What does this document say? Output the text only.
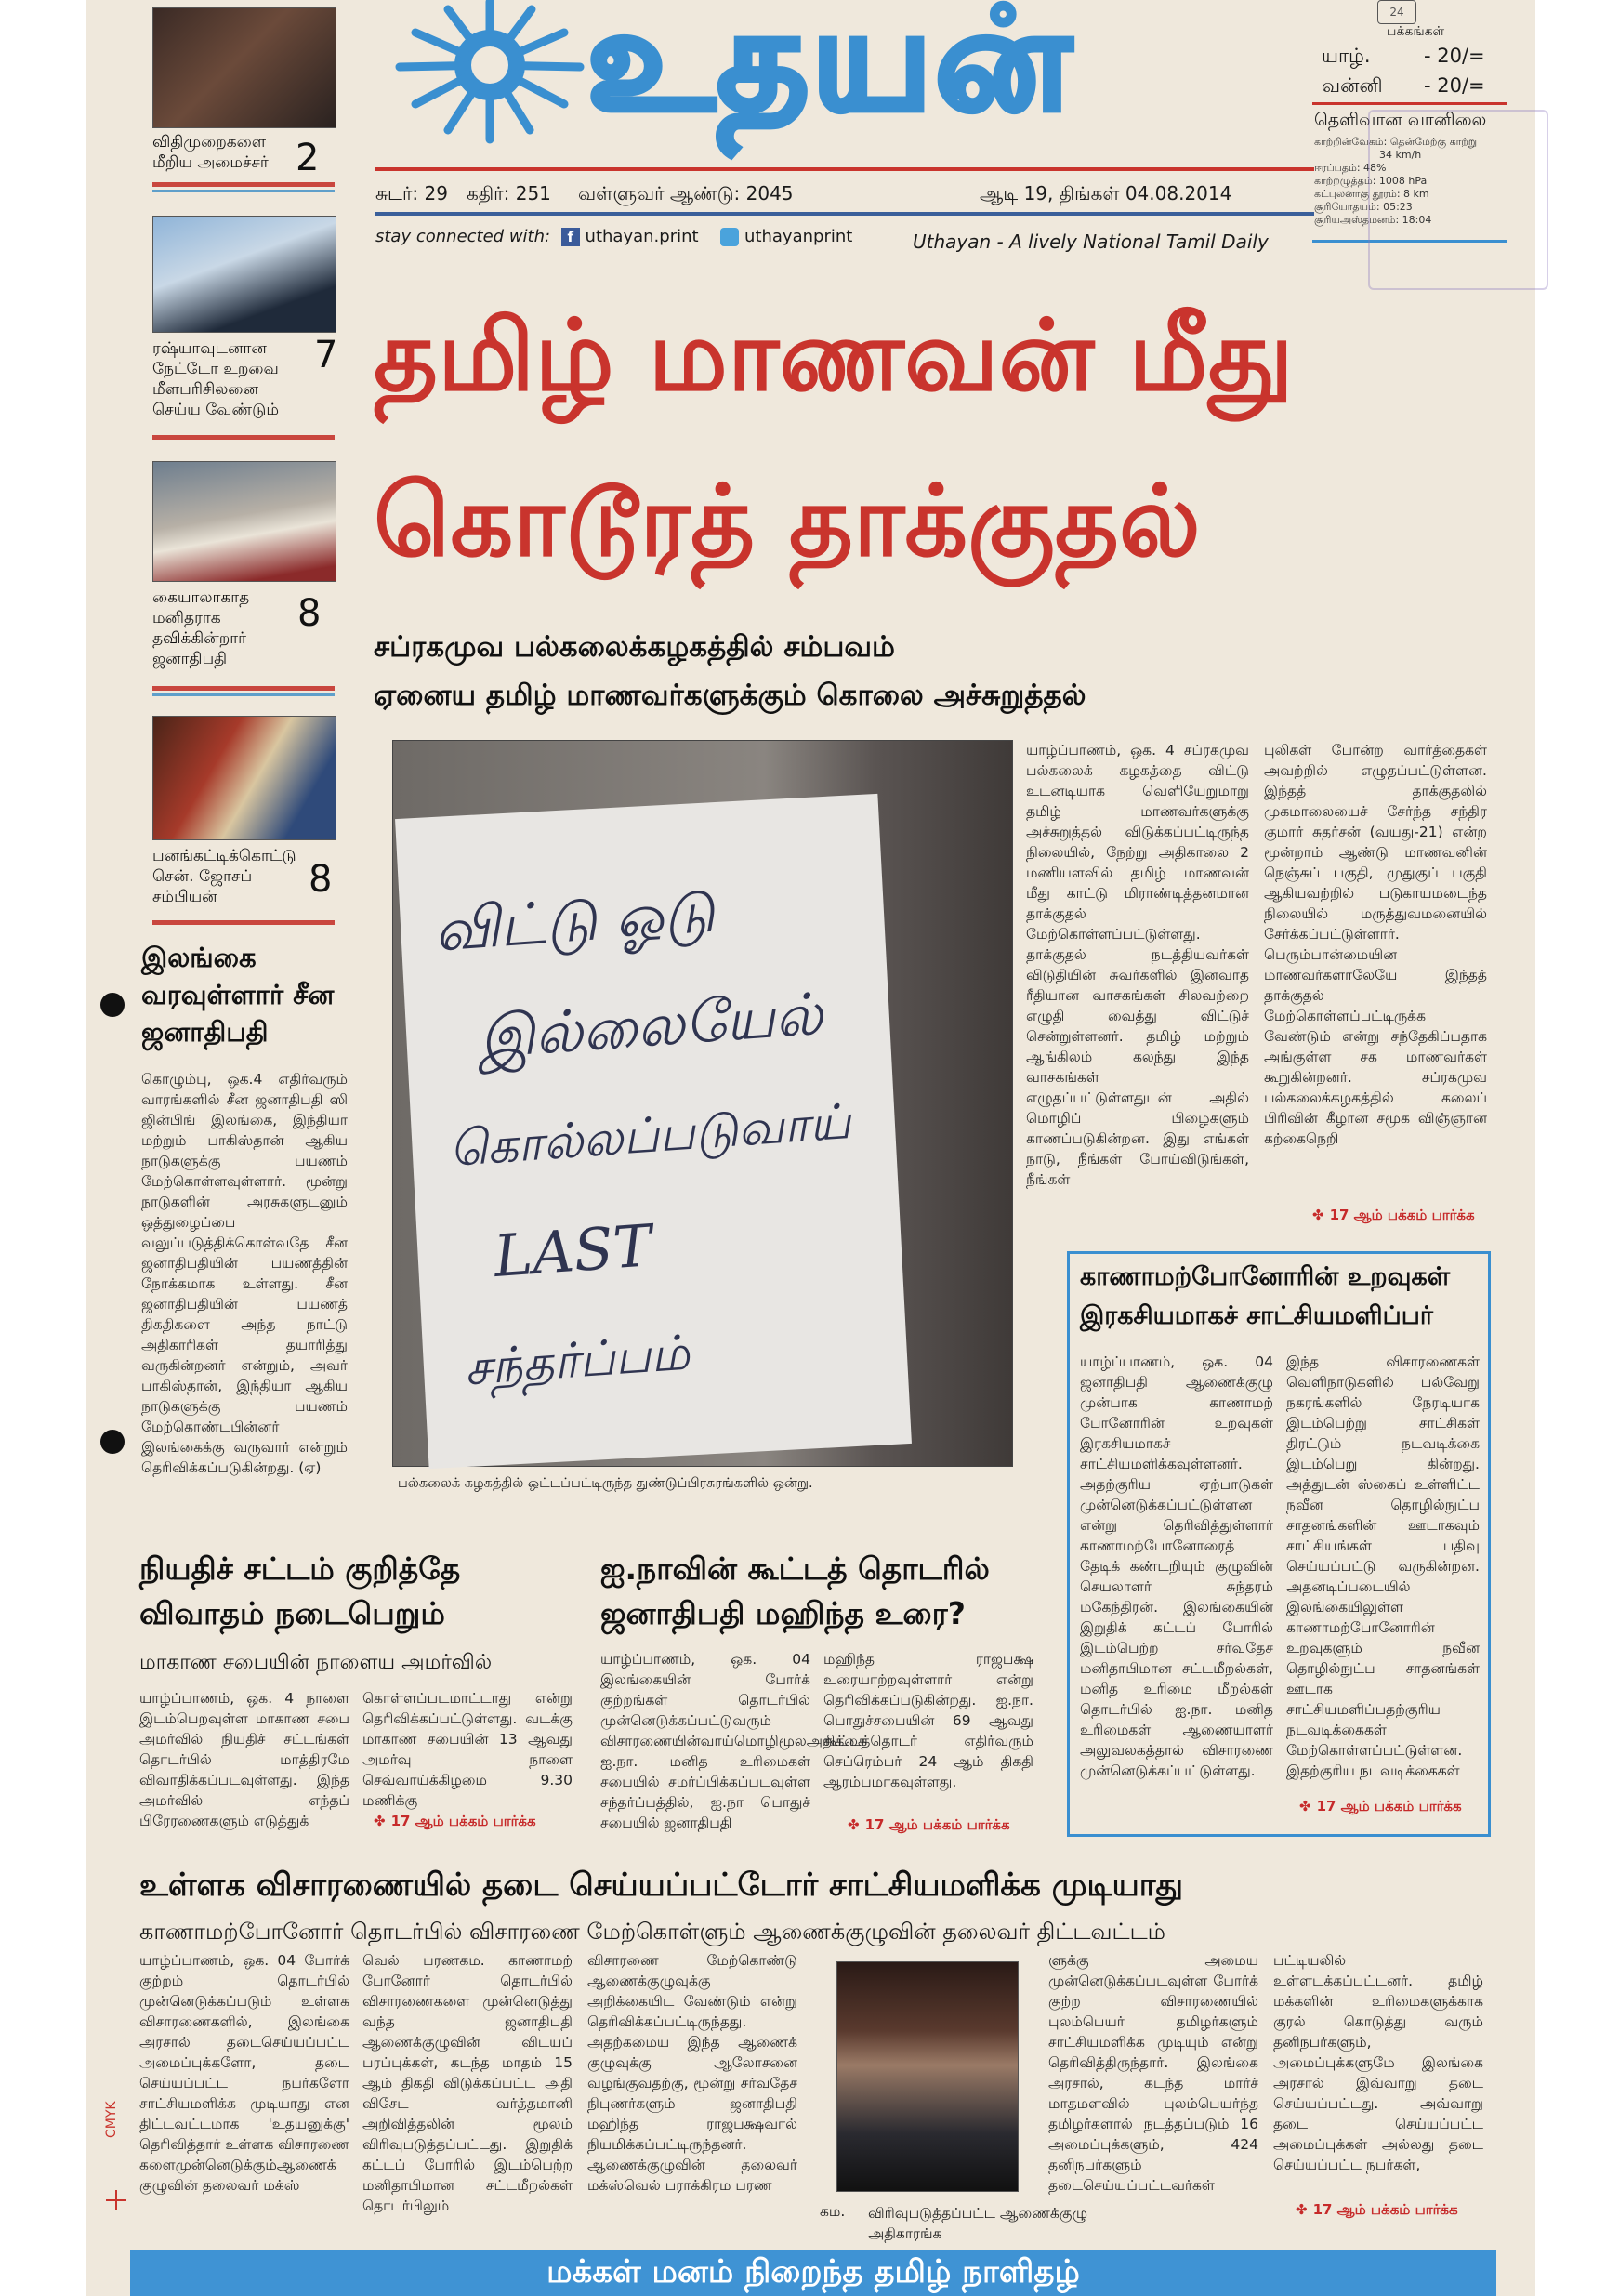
விதிமுறைகளை மீறிய அமைச்சர் 2
ரஷ்யாவுடனான நேட்டோ உறவை மீளபரிசிலனை செய்ய வேண்டும்
7
கையாலாகாத மனிதராக தவிக்கின்றார் ஜனாதிபதி
8
பனங்கட்டிக்கொட்டு சென். ஜோசப் சம்பியன்	8
உதயன்	பக்கங்கள்
24
யாழ்.	- 20/=
வன்னி - 20/=
தெளிவான வானிலை
காற்றின்வேகம்: தென்மேற்கு காற்று
34 km/h
ஈரப்பதம்: 48%
காற்றழுத்தம்: 1008 hPa
கட்புலனாகு தூரம்: 8 km
சூரியோதயம்: 05:23
சூரியஅஸ்தமனம்: 18:04
சுடர்: 29 கதிர்: 251 வள்ளுவர் ஆண்டு: 2045	ஆடி 19, திங்கள் 04.08.2014
stay connected with: f uthayan.print	uthayanprint	Uthayan - A lively National Tamil Daily
தமிழ் மாணவன் மீது
கொடூரத் தாக்குதல்
சப்ரகமுவ பல்கலைக்கழகத்தில் சம்பவம்
ஏனைய தமிழ் மாணவர்களுக்கும் கொலை அச்சுறுத்தல்
இலங்கை வரவுள்ளார் சீன ஜனாதிபதி
கொழும்பு, ஒக.4 எதிர்வரும் வாரங்களில் சீன ஜனாதிபதி ஸி ஜின்பிங் இலங்கை, இந்தியா மற்றும் பாகிஸ்தான் ஆகிய நாடுகளுக்கு பயணம் மேற்கொள்ளவுள்ளார். மூன்று நாடுகளின் அரசுகளுடனும் ஒத்துழைப்பை வலுப்படுத்திக்கொள்வதே சீன ஜனாதிபதியின் பயணத்தின் நோக்கமாக உள்ளது. சீன ஜனாதிபதியின் பயணத் திகதிகளை அந்த நாட்டு அதிகாரிகள் தயாரித்து வருகின்றனர் என்றும், அவர் பாகிஸ்தான், இந்தியா ஆகிய நாடுகளுக்கு பயணம் மேற்கொண்டபின்னர் இலங்கைக்கு வருவார் என்றும் தெரிவிக்கப்படுகின்றது. (ஏ)
விட்டு ஓடு
இல்லையேல்
கொல்லப்படுவாய்
LAST
சந்தர்ப்பம்
பல்கலைக் கழகத்தில் ஒட்டப்பட்டிருந்த துண்டுப்பிரசுரங்களில் ஒன்று.
யாழ்ப்பாணம், ஒக. 4 சப்ரகமுவ பல்கலைக் கழகத்தை விட்டு உடனடியாக வெளியேறுமாறு தமிழ் மாணவர்களுக்கு அச்சுறுத்தல் விடுக்கப்பட்டிருந்த நிலையில், நேற்று அதிகாலை 2 மணியளவில் தமிழ் மாணவன் மீது காட்டு மிராண்டித்தனமான தாக்குதல் மேற்கொள்ளப்பட்டுள்ளது. தாக்குதல் நடத்தியவர்கள் விடுதியின் சுவர்களில் இனவாத ரீதியான வாசகங்கள் சிலவற்றை எழுதி வைத்து விட்டுச் சென்றுள்ளனர். தமிழ் மற்றும் ஆங்கிலம் கலந்து இந்த வாசகங்கள் எழுதப்பட்டுள்ளதுடன் அதில் மொழிப் பிழைகளும் காணப்படுகின்றன. இது எங்கள் நாடு, நீங்கள் போய்விடுங்கள், நீங்கள்
புலிகள் போன்ற வார்த்தைகள் அவற்றில் எழுதப்பட்டுள்ளன. இந்தத் தாக்குதலில் முகமாலையைச் சேர்ந்த சந்திர குமார் சுதர்சன் (வயது-21) என்ற மூன்றாம் ஆண்டு மாணவனின் நெஞ்சுப் பகுதி, முதுகுப் பகுதி ஆகியவற்றில் படுகாயமடைந்த நிலையில் மருத்துவமனையில் சேர்க்கப்பட்டுள்ளார். பெரும்பான்மையின மாணவர்களாலேயே இந்தத் தாக்குதல் மேற்கொள்ளப்பட்டிருக்க வேண்டும் என்று சந்தேகிப்பதாக அங்குள்ள சக மாணவர்கள் கூறுகின்றனர். சப்ரகமுவ பல்கலைக்கழகத்தில் கலைப் பிரிவின் கீழான சமூக விஞ்ஞான கற்கைநெறி
✤ 17 ஆம் பக்கம் பார்க்க
காணாமற்போனோரின் உறவுகள்
இரகசியமாகச் சாட்சியமளிப்பர்
யாழ்ப்பாணம், ஒக. 04 ஜனாதிபதி ஆணைக்குழு முன்பாக காணாமற் போனோரின் உறவுகள் இரகசியமாகச் சாட்சியமளிக்கவுள்ளனர். அதற்குரிய ஏற்பாடுகள் முன்னெடுக்கப்பட்டுள்ளன என்று தெரிவித்துள்ளார் காணாமற்போனோரைத் தேடிக் கண்டறியும் குழுவின் செயலாளர் சுந்தரம் மகேந்திரன். இலங்கையின் இறுதிக் கட்டப் போரில் இடம்பெற்ற சர்வதேச மனிதாபிமான சட்டமீறல்கள், மனித உரிமை மீறல்கள் தொடர்பில் ஐ.நா. மனித உரிமைகள் ஆணையாளர் அலுவலகத்தால் விசாரணை முன்னெடுக்கப்பட்டுள்ளது.
இந்த விசாரணைகள் வெளிநாடுகளில் பல்வேறு நகரங்களில் நேரடியாக இடம்பெற்று சாட்சிகள் திரட்டும் நடவடிக்கை இடம்பெறு கின்றது. அத்துடன் ஸ்கைப் உள்ளிட்ட நவீன தொழில்நுட்ப சாதனங்களின் ஊடாகவும் சாட்சியங்கள் பதிவு செய்யப்பட்டு வருகின்றன. அதனடிப்படையில் இலங்கையிலுள்ள காணாமற்போனோரின் உறவுகளும் நவீன தொழில்நுட்ப சாதனங்கள் ஊடாக சாட்சியமளிப்பதற்குரிய நடவடிக்கைகள் மேற்கொள்ளப்பட்டுள்ளன. இதற்குரிய நடவடிக்கைகள்
✤ 17 ஆம் பக்கம் பார்க்க
நியதிச் சட்டம் குறித்தே
விவாதம் நடைபெறும்
மாகாண சபையின் நாளைய அமர்வில்
யாழ்ப்பாணம், ஒக. 4 நாளை இடம்பெறவுள்ள மாகாண சபை அமர்வில் நியதிச் சட்டங்கள் தொடர்பில் மாத்திரமே விவாதிக்கப்படவுள்ளது. இந்த அமர்வில் எந்தப் பிரேரணைகளும் எடுத்துக்
கொள்ளப்படமாட்டாது என்று தெரிவிக்கப்பட்டுள்ளது. வடக்கு மாகாண சபையின் 13 ஆவது அமர்வு நாளை செவ்வாய்க்கிழமை 9.30 மணிக்கு
✤ 17 ஆம் பக்கம் பார்க்க
ஐ.நாவின் கூட்டத் தொடரில்
ஜனாதிபதி மஹிந்த உரை?
யாழ்ப்பாணம், ஒக. 04 இலங்கையின் போர்க் குற்றங்கள் தொடர்பில் முன்னெடுக்கப்பட்டுவரும் விசாரணையின்வாய்மொழிமூலஅறிக்கை ஐ.நா. மனித உரிமைகள் சபையில் சமர்ப்பிக்கப்படவுள்ள சந்தர்ப்பத்தில், ஐ.நா பொதுச் சபையில் ஜனாதிபதி
மஹிந்த ராஜபக்ஷ உரையாற்றவுள்ளார் என்று தெரிவிக்கப்படுகின்றது. ஐ.நா. பொதுச்சபையின் 69 ஆவது கூட்டத்தொடர் எதிர்வரும் செப்ரெம்பர் 24 ஆம் திகதி ஆரம்பமாகவுள்ளது.
✤ 17 ஆம் பக்கம் பார்க்க
உள்ளக விசாரணையில் தடை செய்யப்பட்டோர் சாட்சியமளிக்க முடியாது
காணாமற்போனோர் தொடர்பில் விசாரணை மேற்கொள்ளும் ஆணைக்குழுவின் தலைவர் திட்டவட்டம்
யாழ்ப்பாணம், ஒக. 04 போர்க் குற்றம் தொடர்பில் முன்னெடுக்கப்படும் உள்ளக விசாரணைகளில், இலங்கை அரசால் தடைசெய்யப்பட்ட அமைப்புக்களோ, தடை செய்யப்பட்ட நபர்களோ சாட்சியமளிக்க முடியாது என திட்டவட்டமாக 'உதயனுக்கு' தெரிவித்தார் உள்ளக விசாரணை களைமுன்னெடுக்கும்ஆணைக் குழுவின் தலைவர் மக்ஸ்
வெல் பரணகம. காணாமற் போனோர் தொடர்பில் விசாரணைகளை முன்னெடுத்து வந்த ஜனாதிபதி ஆணைக்குழுவின் விடயப் பரப்புக்கள், கடந்த மாதம் 15 ஆம் திகதி விடுக்கப்பட்ட அதி விசேட வர்த்தமானி அறிவித்தலின் மூலம் விரிவுபடுத்தப்பட்டது. இறுதிக் கட்டப் போரில் இடம்பெற்ற மனிதாபிமான சட்டமீறல்கள் தொடர்பிலும்
விசாரணை மேற்கொண்டு ஆணைக்குழுவுக்கு அறிக்கையிட வேண்டும் என்று தெரிவிக்கப்பட்டிருந்தது. அதற்கமைய இந்த ஆணைக் குழுவுக்கு ஆலோசனை வழங்குவதற்கு, மூன்று சர்வதேச நிபுணர்களும் ஜனாதிபதி மஹிந்த ராஜபக்ஷவால் நியமிக்கப்பட்டிருந்தனர். ஆணைக்குழுவின் தலைவர் மக்ஸ்வெல் பராக்கிரம பரண
கம. விரிவுபடுத்தப்பட்ட ஆணைக்குழு அதிகாரங்க
ளுக்கு அமைய முன்னெடுக்கப்படவுள்ள போர்க் குற்ற விசாரணையில் புலம்பெயர் தமிழர்களும் சாட்சியமளிக்க முடியும் என்று தெரிவித்திருந்தார். இலங்கை அரசால், கடந்த மார்ச் மாதமளவில் புலம்பெயர்ந்த தமிழர்களால் நடத்தப்படும் 16 அமைப்புக்களும், 424 தனிநபர்களும் தடைசெய்யப்பட்டவர்கள்
பட்டியலில் உள்ளடக்கப்பட்டனர். தமிழ் மக்களின் உரிமைகளுக்காக குரல் கொடுத்து வரும் தனிநபர்களும், அமைப்புக்களுமே இலங்கை அரசால் இவ்வாறு தடை செய்யப்பட்டது. அவ்வாறு தடை செய்யப்பட்ட அமைப்புக்கள் அல்லது தடை செய்யப்பட்ட நபர்கள்,
✤ 17 ஆம் பக்கம் பார்க்க
CMYK
மக்கள் மனம் நிறைந்த தமிழ் நாளிதழ்
